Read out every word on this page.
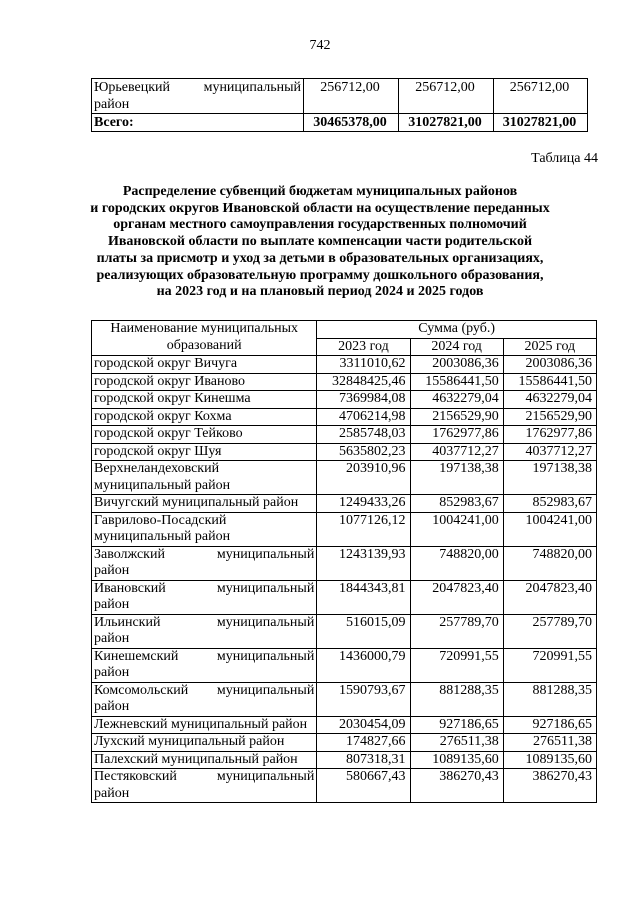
742
Юрьевецкий муниципальный
район	256712,00	256712,00	256712,00
Всего:	30465378,00	31027821,00	31027821,00
Таблица 44
Распределение субвенций бюджетам муниципальных районов
и городских округов Ивановской области на осуществление переданных
органам местного самоуправления государственных полномочий
Ивановской области по выплате компенсации части родительской
платы за присмотр и уход за детьми в образовательных организациях,
реализующих образовательную программу дошкольного образования,
на 2023 год и на плановый период 2024 и 2025 годов
Наименование муниципальных
образований	Сумма (руб.)		
	2023 год	2024 год	2025 год
городской округ Вичуга	3311010,62	2003086,36	2003086,36
городской округ Иваново	32848425,46	15586441,50	15586441,50
городской округ Кинешма	7369984,08	4632279,04	4632279,04
городской округ Кохма	4706214,98	2156529,90	2156529,90
городской округ Тейково	2585748,03	1762977,86	1762977,86
городской округ Шуя	5635802,23	4037712,27	4037712,27

Верхнеландеховский
муниципальный район	203910,96	197138,38	197138,38
Вичугский муниципальный район	1249433,26	852983,67	852983,67

Гаврилово-Посадский
муниципальный район	1077126,12	1004241,00	1004241,00

Заволжский муниципальный
район	1243139,93	748820,00	748820,00

Ивановский муниципальный
район	1844343,81	2047823,40	2047823,40

Ильинский муниципальный
район	516015,09	257789,70	257789,70

Кинешемский муниципальный
район	1436000,79	720991,55	720991,55

Комсомольский муниципальный
район	1590793,67	881288,35	881288,35
Лежневский муниципальный район	2030454,09	927186,65	927186,65
Лухский муниципальный район	174827,66	276511,38	276511,38
Палехский муниципальный район	807318,31	1089135,60	1089135,60

Пестяковский муниципальный
район	580667,43	386270,43	386270,43
